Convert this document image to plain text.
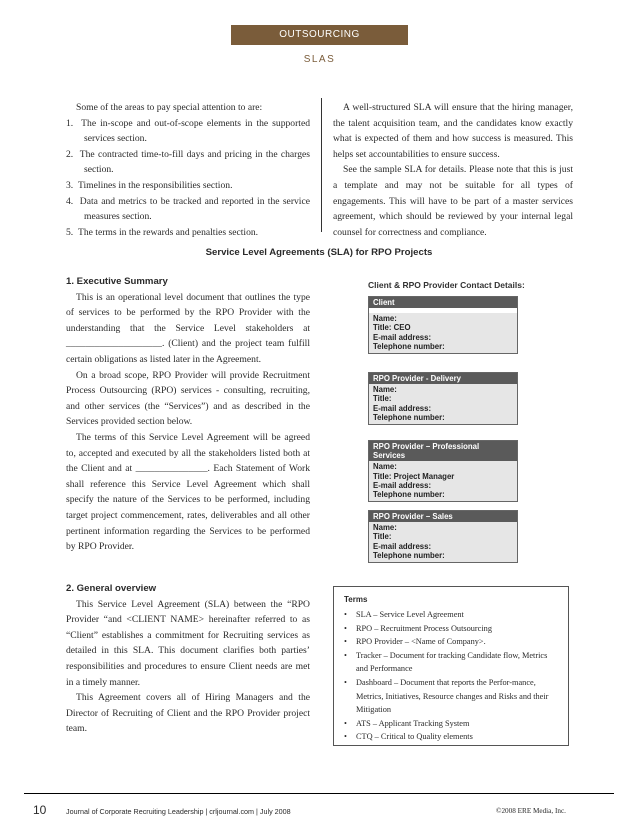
OUTSOURCING
SLAS
Some of the areas to pay special attention to are:
1.  The in-scope and out-of-scope elements in the supported services section.
2.  The contracted time-to-fill days and pricing in the charges section.
3.  Timelines in the responsibilities section.
4.  Data and metrics to be tracked and reported in the service measures section.
5.  The terms in the rewards and penalties section.

A well-structured SLA will ensure that the hiring manager, the talent acquisition team, and the candidates know exactly what is expected of them and how success is measured. This helps set accountabilities to ensure success.

See the sample SLA for details. Please note that this is just a template and may not be suitable for all types of engagements. This will have to be part of a master services agreement, which should be reviewed by your internal legal counsel for correctness and compliance.

Service Level Agreements (SLA) for RPO Projects

1. Executive Summary

This is an operational level document that outlines the type of services to be performed by the RPO Provider with the understanding that the Service Level stakeholders at ____________________. (Client) and the project team fulfill certain obligations as listed later in the Agreement.

On a broad scope, RPO Provider will provide Recruitment Process Outsourcing (RPO) services - consulting, recruiting, and other services (the “Services”) and as described in the Services provided section below.

The terms of this Service Level Agreement will be agreed to, accepted and executed by all the stakeholders listed both at the Client and at _______________. Each Statement of Work shall reference this Service Level Agreement which shall specify the nature of the Services to be performed, including target project commencement, rates, deliverables and all other pertinent information regarding the Services to be performed by RPO Provider.

Client & RPO Provider Contact Details:
Client
Name:
Title: CEO
E-mail address:
Telephone number:
RPO Provider - Delivery
Name:
Title:
E-mail address:
Telephone number:
RPO Provider – Professional Services
Name:
Title: Project Manager
E-mail address:
Telephone number:
RPO Provider – Sales
Name:
Title:
E-mail address:
Telephone number:

2. General overview

This Service Level Agreement (SLA) between the “RPO Provider “and <CLIENT NAME> hereinafter referred to as “Client” establishes a commitment for Recruiting services as detailed in this SLA. This document clarifies both parties’ responsibilities and procedures to ensure Client needs are met in a timely manner.

This Agreement covers all of Hiring Managers and the Director of Recruiting of Client and the RPO Provider project team.

Terms
• SLA – Service Level Agreement
• RPO – Recruitment Process Outsourcing
• RPO Provider – <Name of Company>.
• Tracker – Document for tracking Candidate flow, Metrics and Performance
• Dashboard – Document that reports the Perfor-mance, Metrics, Initiatives, Resource changes and Risks and their Mitigation
• ATS – Applicant Tracking System
• CTQ – Critical to Quality elements
10	Journal of Corporate Recruiting Leadership | crljournal.com | July 2008	©2008 ERE Media, Inc.
